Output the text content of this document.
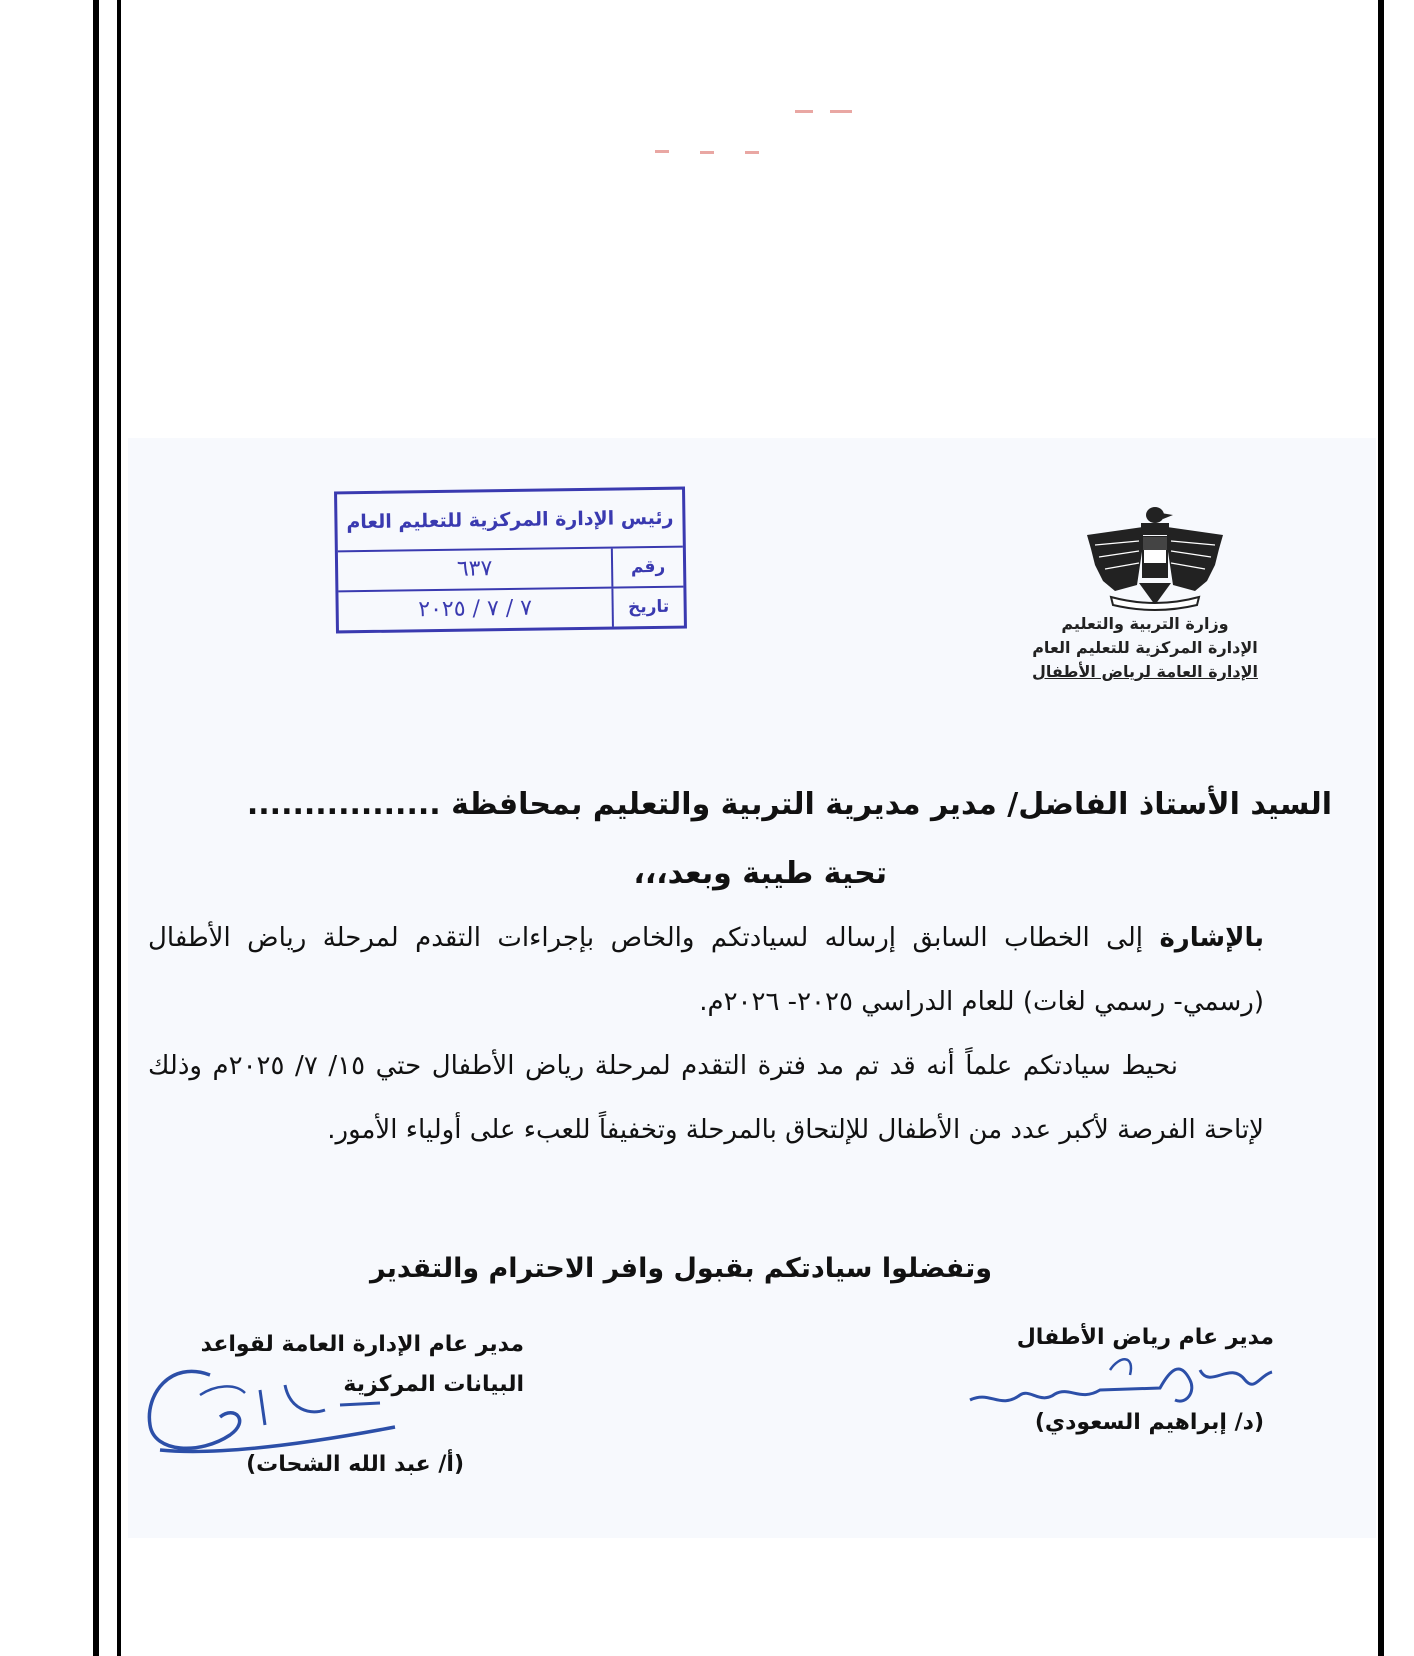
وزارة التربية والتعليم
الإدارة المركزية للتعليم العام
الإدارة العامة لرياض الأطفال
رئيس الإدارة المركزية للتعليم العام
رقم
٦٣٧
تاريخ
٧ / ٧ / ٢٠٢٥
السيد الأستاذ الفاضل/ مدير مديرية التربية والتعليم بمحافظة .................
تحية طيبة وبعد،،،
بالإشارة إلى الخطاب السابق إرساله لسيادتكم والخاص بإجراءات التقدم لمرحلة رياض الأطفال (رسمي- رسمي لغات) للعام الدراسي ٢٠٢٥- ٢٠٢٦م.
نحيط سيادتكم علماً أنه قد تم مد فترة التقدم لمرحلة رياض الأطفال حتي ١٥/ ٧/ ٢٠٢٥م وذلك لإتاحة الفرصة لأكبر عدد من الأطفال للإلتحاق بالمرحلة وتخفيفاً للعبء على أولياء الأمور.
وتفضلوا سيادتكم بقبول وافر الاحترام والتقدير
مدير عام رياض الأطفال
(د/ إبراهيم السعودي)
مدير عام الإدارة العامة لقواعد البيانات المركزية
(أ/ عبد الله الشحات)
